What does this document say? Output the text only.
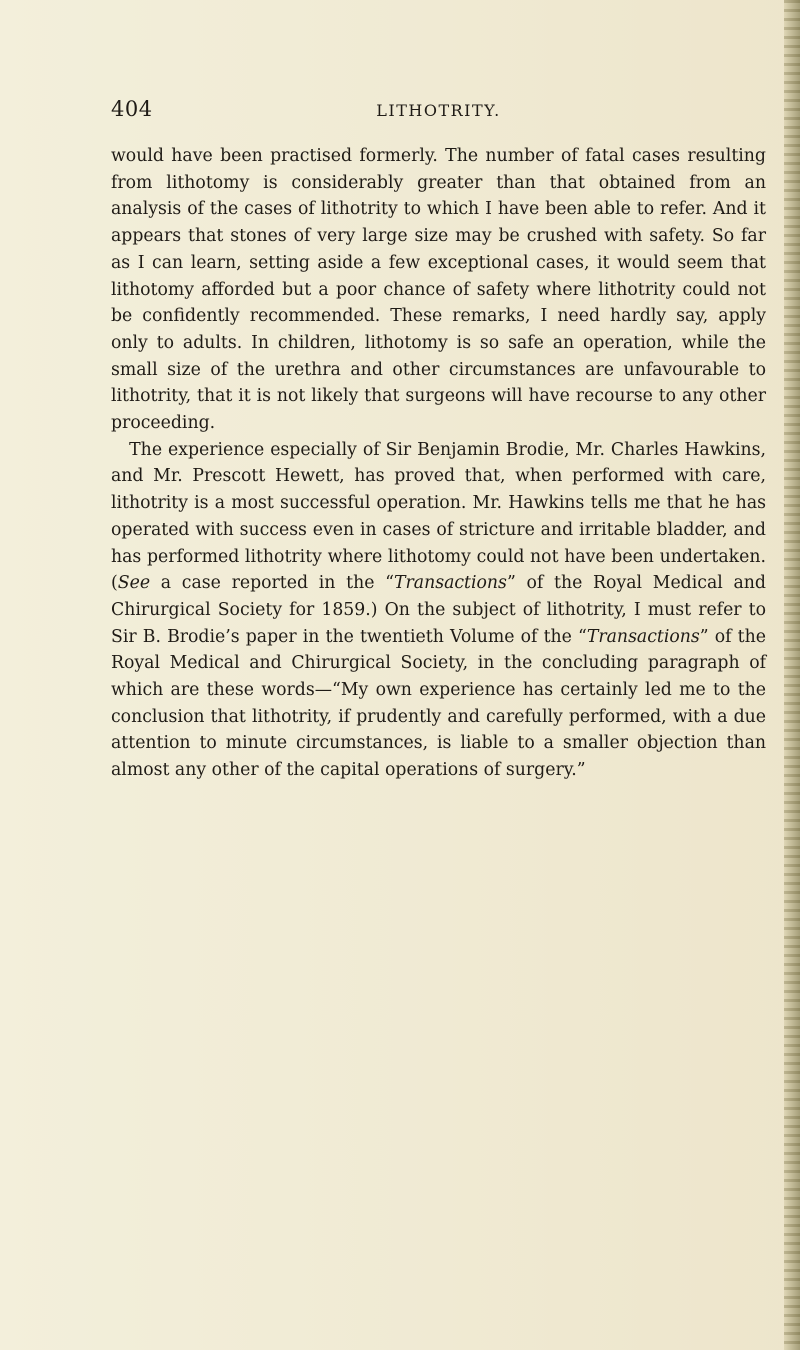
404	LITHOTRITY.

would have been practised formerly. The number of fatal cases resulting from lithotomy is considerably greater than that obtained from an analysis of the cases of lithotrity to which I have been able to refer. And it appears that stones of very large size may be crushed with safety. So far as I can learn, setting aside a few exceptional cases, it would seem that lithotomy afforded but a poor chance of safety where lithotrity could not be confidently recommended. These remarks, I need hardly say, apply only to adults. In children, lithotomy is so safe an operation, while the small size of the urethra and other circumstances are unfavourable to lithotrity, that it is not likely that surgeons will have recourse to any other proceeding.

The experience especially of Sir Benjamin Brodie, Mr. Charles Hawkins, and Mr. Prescott Hewett, has proved that, when performed with care, lithotrity is a most successful operation. Mr. Hawkins tells me that he has operated with success even in cases of stricture and irritable bladder, and has performed lithotrity where lithotomy could not have been undertaken. (See a case reported in the “Transactions” of the Royal Medical and Chirurgical Society for 1859.) On the subject of lithotrity, I must refer to Sir B. Brodie’s paper in the twentieth Volume of the “Transactions” of the Royal Medical and Chirurgical Society, in the concluding paragraph of which are these words—“My own experience has certainly led me to the conclusion that lithotrity, if prudently and carefully performed, with a due attention to minute circumstances, is liable to a smaller objection than almost any other of the capital operations of surgery.”
